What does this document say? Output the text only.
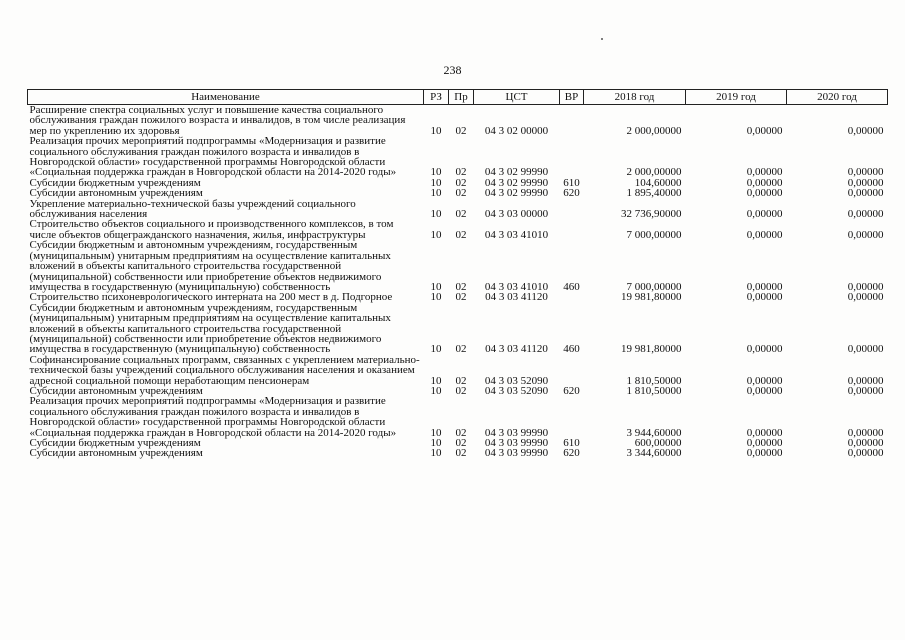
238
Наименование	РЗ	Пр	ЦСТ	ВР	2018 год	2019 год	2020 год
Расширение спектра социальных услуг и повышение качества социального обслуживания граждан пожилого возраста и инвалидов, в том числе реализация мер по укреплению их здоровья	10	02	04 3 02 00000		2 000,00000	0,00000	0,00000
Реализация прочих мероприятий подпрограммы «Модернизация и развитие социального обслуживания граждан пожилого возраста и инвалидов в Новгородской области» государственной программы Новгородской области «Социальная поддержка граждан в Новгородской области на 2014-2020 годы»	10	02	04 3 02 99990		2 000,00000	0,00000	0,00000
Субсидии бюджетным учреждениям	10	02	04 3 02 99990	610	104,60000	0,00000	0,00000
Субсидии автономным учреждениям	10	02	04 3 02 99990	620	1 895,40000	0,00000	0,00000
Укрепление материально-технической базы учреждений социального обслуживания населения	10	02	04 3 03 00000		32 736,90000	0,00000	0,00000
Строительство объектов социального и производственного комплексов, в том числе объектов общегражданского назначения, жилья, инфраструктуры	10	02	04 3 03 41010		7 000,00000	0,00000	0,00000
Субсидии бюджетным и автономным учреждениям, государственным (муниципальным) унитарным предприятиям на осуществление капитальных вложений в объекты капитального строительства государственной (муниципальной) собственности или приобретение объектов недвижимого имущества в государственную (муниципальную) собственность	10	02	04 3 03 41010	460	7 000,00000	0,00000	0,00000
Строительство психоневрологического интерната на 200 мест в д. Подгорное	10	02	04 3 03 41120		19 981,80000	0,00000	0,00000
Субсидии бюджетным и автономным учреждениям, государственным (муниципальным) унитарным предприятиям на осуществление капитальных вложений в объекты капитального строительства государственной (муниципальной) собственности или приобретение объектов недвижимого имущества в государственную (муниципальную) собственность	10	02	04 3 03 41120	460	19 981,80000	0,00000	0,00000
Софинансирование социальных программ, связанных с укреплением материально-технической базы учреждений социального обслуживания населения и оказанием адресной социальной помощи неработающим пенсионерам	10	02	04 3 03 52090		1 810,50000	0,00000	0,00000
Субсидии автономным учреждениям	10	02	04 3 03 52090	620	1 810,50000	0,00000	0,00000
Реализация прочих мероприятий подпрограммы «Модернизация и развитие социального обслуживания граждан пожилого возраста и инвалидов в Новгородской области» государственной программы Новгородской области «Социальная поддержка граждан в Новгородской области на 2014-2020 годы»	10	02	04 3 03 99990		3 944,60000	0,00000	0,00000
Субсидии бюджетным учреждениям	10	02	04 3 03 99990	610	600,00000	0,00000	0,00000
Субсидии автономным учреждениям	10	02	04 3 03 99990	620	3 344,60000	0,00000	0,00000
